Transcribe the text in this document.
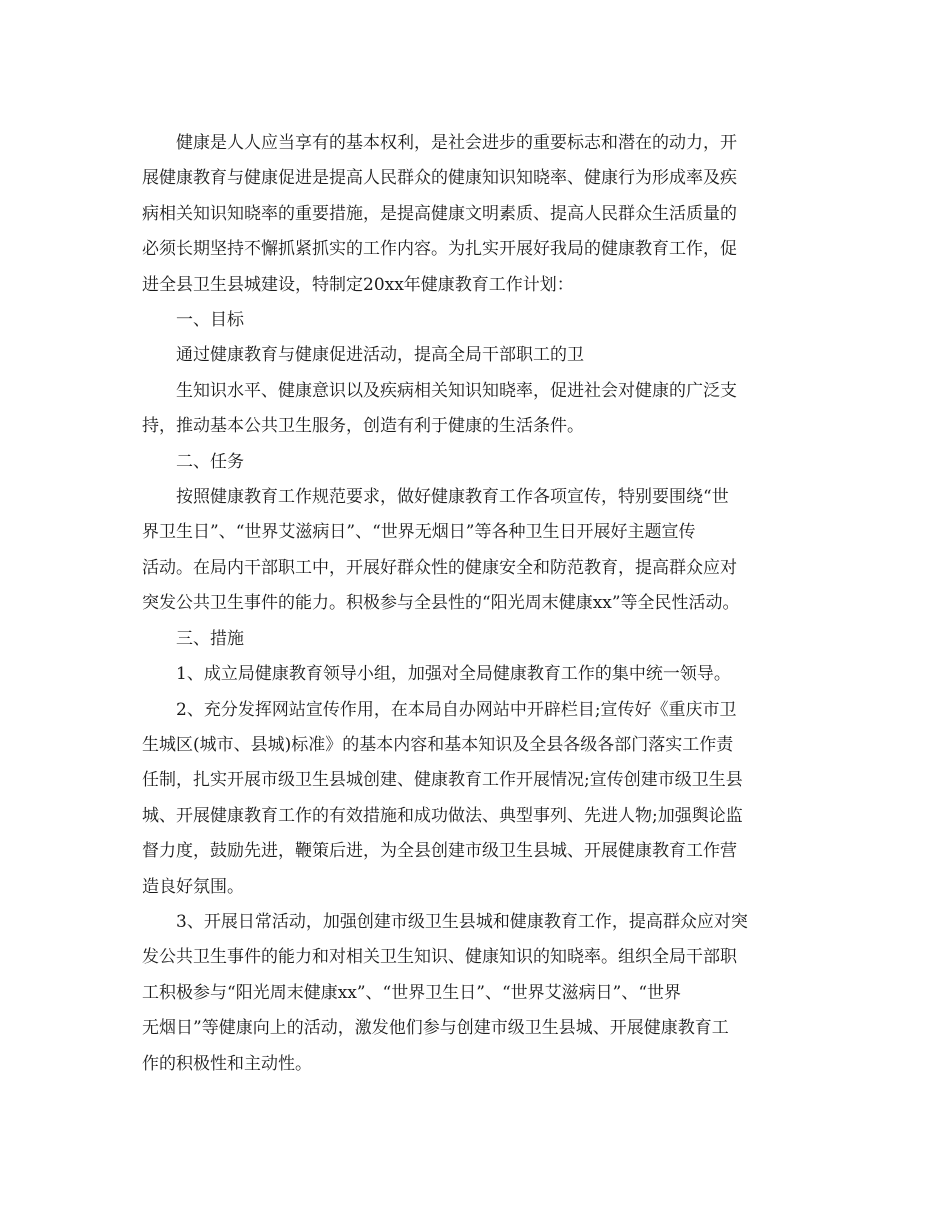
健康是人人应当享有的基本权利，是社会进步的重要标志和潜在的动力，开
展健康教育与健康促进是提高人民群众的健康知识知晓率、健康行为形成率及疾
病相关知识知晓率的重要措施，是提高健康文明素质、提高人民群众生活质量的
必须长期坚持不懈抓紧抓实的工作内容。为扎实开展好我局的健康教育工作，促
进全县卫生县城建设，特制定20xx年健康教育工作计划：
一、目标
通过健康教育与健康促进活动，提高全局干部职工的卫
生知识水平、健康意识以及疾病相关知识知晓率，促进社会对健康的广泛支
持，推动基本公共卫生服务，创造有利于健康的生活条件。
二、任务
按照健康教育工作规范要求，做好健康教育工作各项宣传，特别要围绕“世
界卫生日”、“世界艾滋病日”、“世界无烟日”等各种卫生日开展好主题宣传
活动。在局内干部职工中，开展好群众性的健康安全和防范教育，提高群众应对
突发公共卫生事件的能力。积极参与全县性的“阳光周末健康xx”等全民性活动。
三、措施
1、成立局健康教育领导小组，加强对全局健康教育工作的集中统一领导。
2、充分发挥网站宣传作用，在本局自办网站中开辟栏目;宣传好《重庆市卫
生城区(城市、县城)标准》的基本内容和基本知识及全县各级各部门落实工作责
任制，扎实开展市级卫生县城创建、健康教育工作开展情况;宣传创建市级卫生县
城、开展健康教育工作的有效措施和成功做法、典型事列、先进人物;加强舆论监
督力度，鼓励先进，鞭策后进，为全县创建市级卫生县城、开展健康教育工作营
造良好氛围。
3、开展日常活动，加强创建市级卫生县城和健康教育工作，提高群众应对突
发公共卫生事件的能力和对相关卫生知识、健康知识的知晓率。组织全局干部职
工积极参与“阳光周末健康xx”、“世界卫生日”、“世界艾滋病日”、“世界
无烟日”等健康向上的活动，激发他们参与创建市级卫生县城、开展健康教育工
作的积极性和主动性。
